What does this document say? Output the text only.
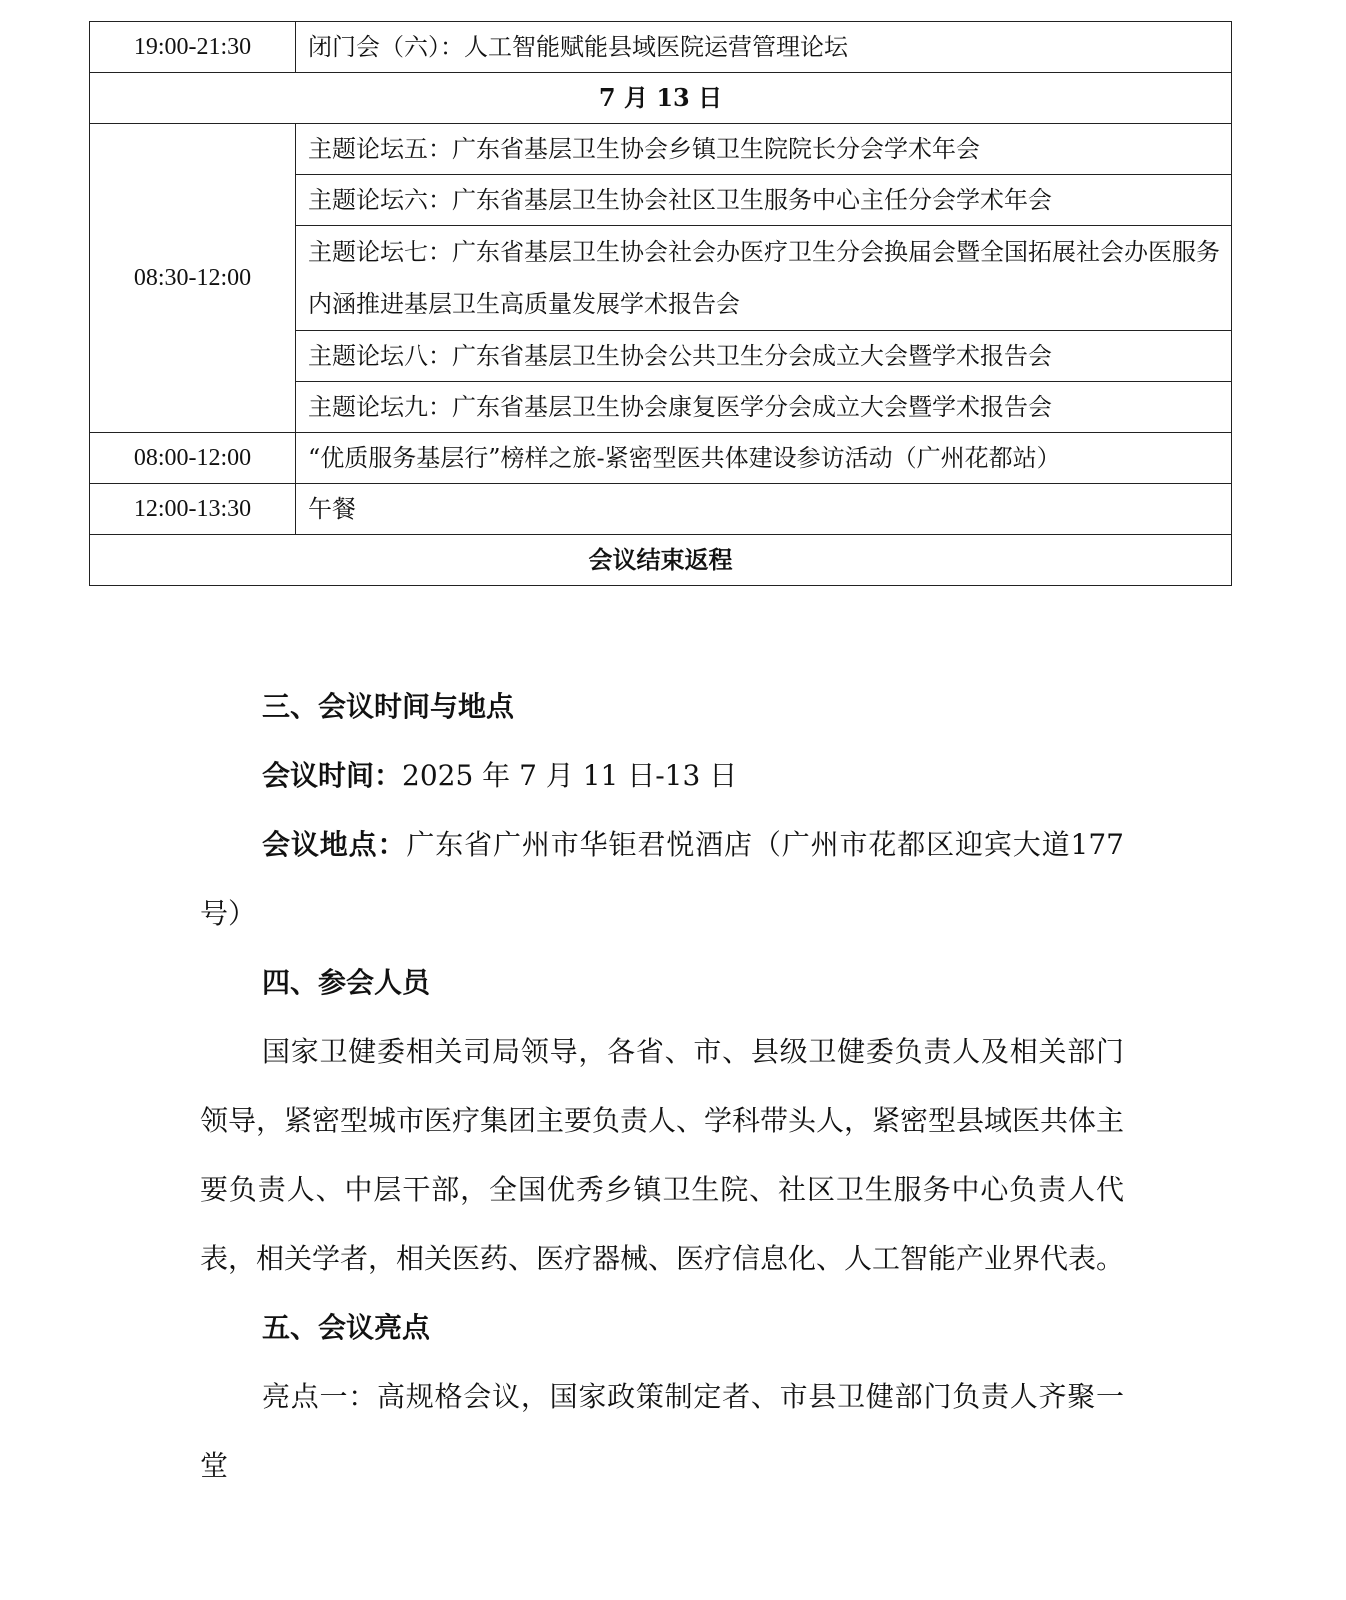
19:00-21:30	闭门会（六）：人工智能赋能县域医院运营管理论坛
7 月 13 日	
08:30-12:00	主题论坛五：广东省基层卫生协会乡镇卫生院院长分会学术年会
	主题论坛六：广东省基层卫生协会社区卫生服务中心主任分会学术年会
	主题论坛七：广东省基层卫生协会社会办医疗卫生分会换届会暨全国拓展社会办医服务内涵推进基层卫生高质量发展学术报告会
	主题论坛八：广东省基层卫生协会公共卫生分会成立大会暨学术报告会
	主题论坛九：广东省基层卫生协会康复医学分会成立大会暨学术报告会
08:00-12:00	“优质服务基层行”榜样之旅-紧密型医共体建设参访活动（广州花都站）
12:00-13:30	午餐
会议结束返程	
三、会议时间与地点

会议时间：2025 年 7 月 11 日-13 日

会议地点：广东省广州市华钜君悦酒店（广州市花都区迎宾大道177 号）

四、参会人员

国家卫健委相关司局领导，各省、市、县级卫健委负责人及相关部门领导，紧密型城市医疗集团主要负责人、学科带头人，紧密型县域医共体主要负责人、中层干部，全国优秀乡镇卫生院、社区卫生服务中心负责人代表，相关学者，相关医药、医疗器械、医疗信息化、人工智能产业界代表。

五、会议亮点

亮点一：高规格会议，国家政策制定者、市县卫健部门负责人齐聚一堂
